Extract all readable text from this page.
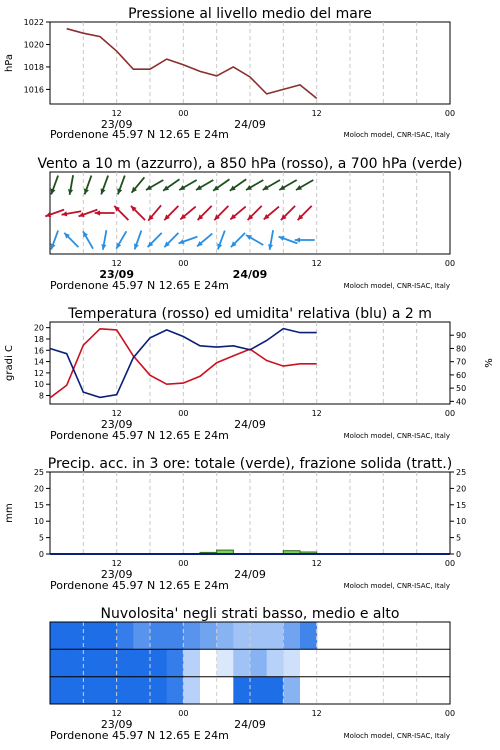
Pressione al livello medio del mare
12	00	12	00
23/09	24/09
Pordenone 45.97 N 12.65 E 24m	Moloch model, CNR-ISAC, Italy
1016
1018
1020
1022
hPa
Vento a 10 m (azzurro), a 850 hPa (rosso), a 700 hPa (verde)
12	00	12	00
23/09	24/09
Pordenone 45.97 N 12.65 E 24m	Moloch model, CNR-ISAC, Italy
Temperatura (rosso) ed umidita' relativa (blu) a 2 m
12	00	12	00
23/09	24/09
Pordenone 45.97 N 12.65 E 24m	Moloch model, CNR-ISAC, Italy
8
10
12
14
16
18
20
gradi C
40
50
60
70
80
90
%
Precip. acc. in 3 ore: totale (verde), frazione solida (tratt.)
12	00	12	00
23/09	24/09
Pordenone 45.97 N 12.65 E 24m	Moloch model, CNR-ISAC, Italy
0
5
10
15
20
25
0
5
10
15
20
25
mm
Nuvolosita' negli strati basso, medio e alto
12	00	12	00
23/09	24/09
Pordenone 45.97 N 12.65 E 24m	Moloch model, CNR-ISAC, Italy
